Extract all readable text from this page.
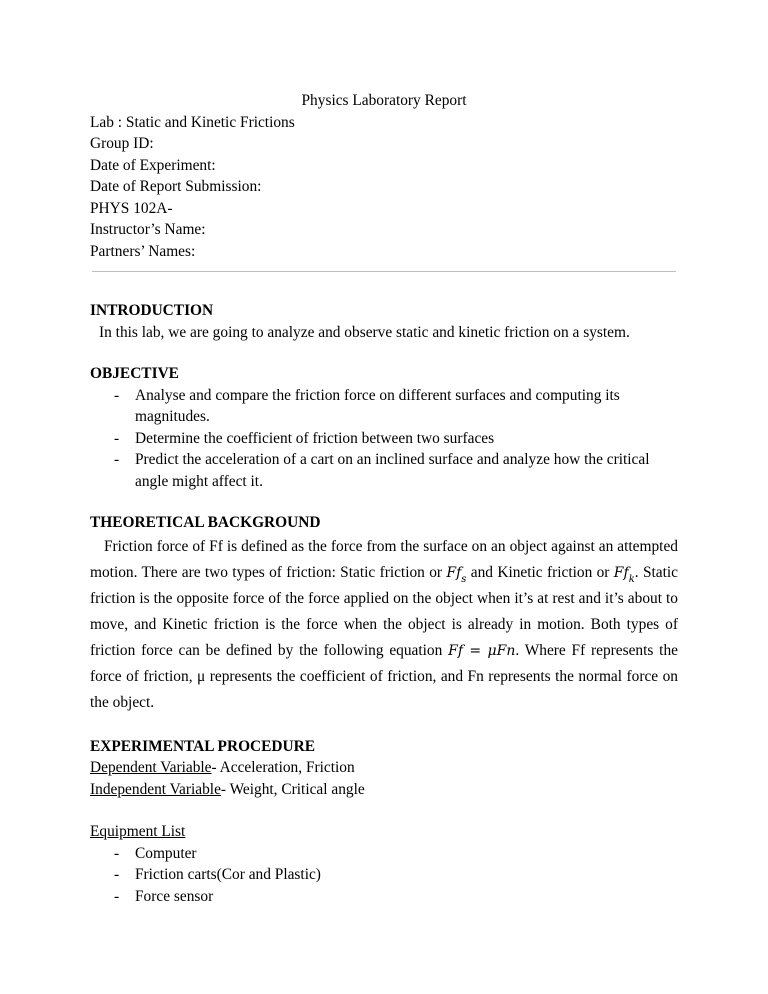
Physics Laboratory Report
Lab : Static and Kinetic Frictions
Group ID:
Date of Experiment:
Date of Report Submission:
PHYS 102A-
Instructor’s Name:
Partners’ Names:
INTRODUCTION
In this lab, we are going to analyze and observe static and kinetic friction on a system.
OBJECTIVE
- Analyse and compare the friction force on different surfaces and computing its magnitudes.
- Determine the coefficient of friction between two surfaces
- Predict the acceleration of a cart on an inclined surface and analyze how the critical angle might affect it.
THEORETICAL BACKGROUND

Friction force of Ff is defined as the force from the surface on an object against an attempted motion. There are two types of friction: Static friction or $Ff_s$ and Kinetic friction or $Ff_k$. Static friction is the opposite force of the force applied on the object when it’s at rest and it’s about to move, and Kinetic friction is the force when the object is already in motion. Both types of friction force can be defined by the following equation Ff = μFn. Where Ff represents the force of friction, μ represents the coefficient of friction, and Fn represents the normal force on the object.

EXPERIMENTAL PROCEDURE
Dependent Variable- Acceleration, Friction
Independent Variable- Weight, Critical angle
Equipment List
- Computer
- Friction carts(Cor and Plastic)
- Force sensor
